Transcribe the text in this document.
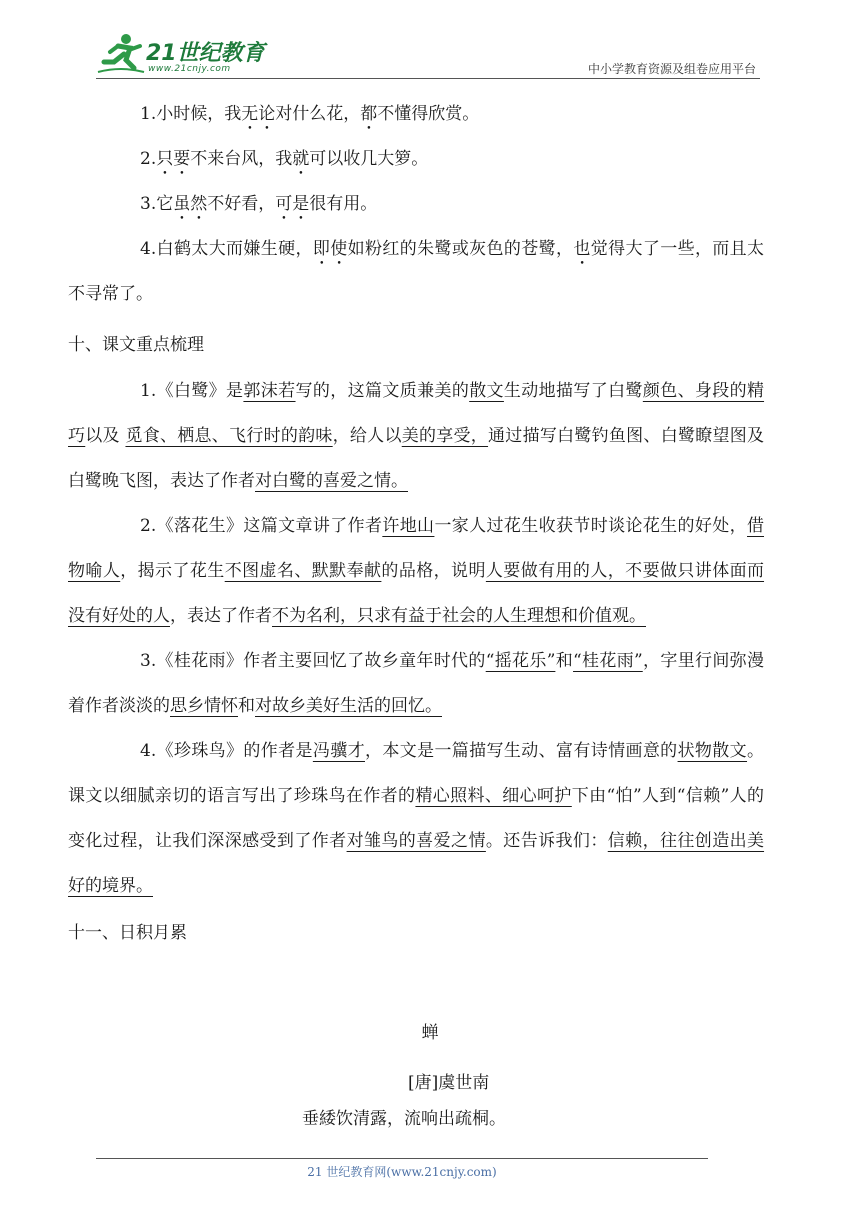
21世纪教育
www.21cnjy.com	中小学教育资源及组卷应用平台

1.小时候，我无论对什么花，都不懂得欣赏。

2.只要不来台风，我就可以收几大箩。

3.它虽然不好看，可是很有用。

4.白鹤太大而嫌生硬，即使如粉红的朱鹭或灰色的苍鹭，也觉得大了一些，而且太不寻常了。

十、课文重点梳理

1.《白鹭》是郭沫若写的，这篇文质兼美的散文生动地描写了白鹭颜色、身段的精巧以及 觅食、栖息、飞行时的韵味，给人以美的享受，通过描写白鹭钓鱼图、白鹭瞭望图及白鹭晚飞图，表达了作者对白鹭的喜爱之情。

2.《落花生》这篇文章讲了作者许地山一家人过花生收获节时谈论花生的好处，借物喻人，揭示了花生不图虚名、默默奉献的品格，说明人要做有用的人，不要做只讲体面而没有好处的人，表达了作者不为名利，只求有益于社会的人生理想和价值观。

3.《桂花雨》作者主要回忆了故乡童年时代的“摇花乐”和“桂花雨”，字里行间弥漫着作者淡淡的思乡情怀和对故乡美好生活的回忆。

4.《珍珠鸟》的作者是冯骥才，本文是一篇描写生动、富有诗情画意的状物散文。课文以细腻亲切的语言写出了珍珠鸟在作者的精心照料、细心呵护下由“怕”人到“信赖”人的变化过程，让我们深深感受到了作者对雏鸟的喜爱之情。还告诉我们：信赖，往往创造出美好的境界。

十一、日积月累

蝉
[唐]虞世南
垂緌饮清露，流响出疏桐。
21 世纪教育网(www.21cnjy.com)
